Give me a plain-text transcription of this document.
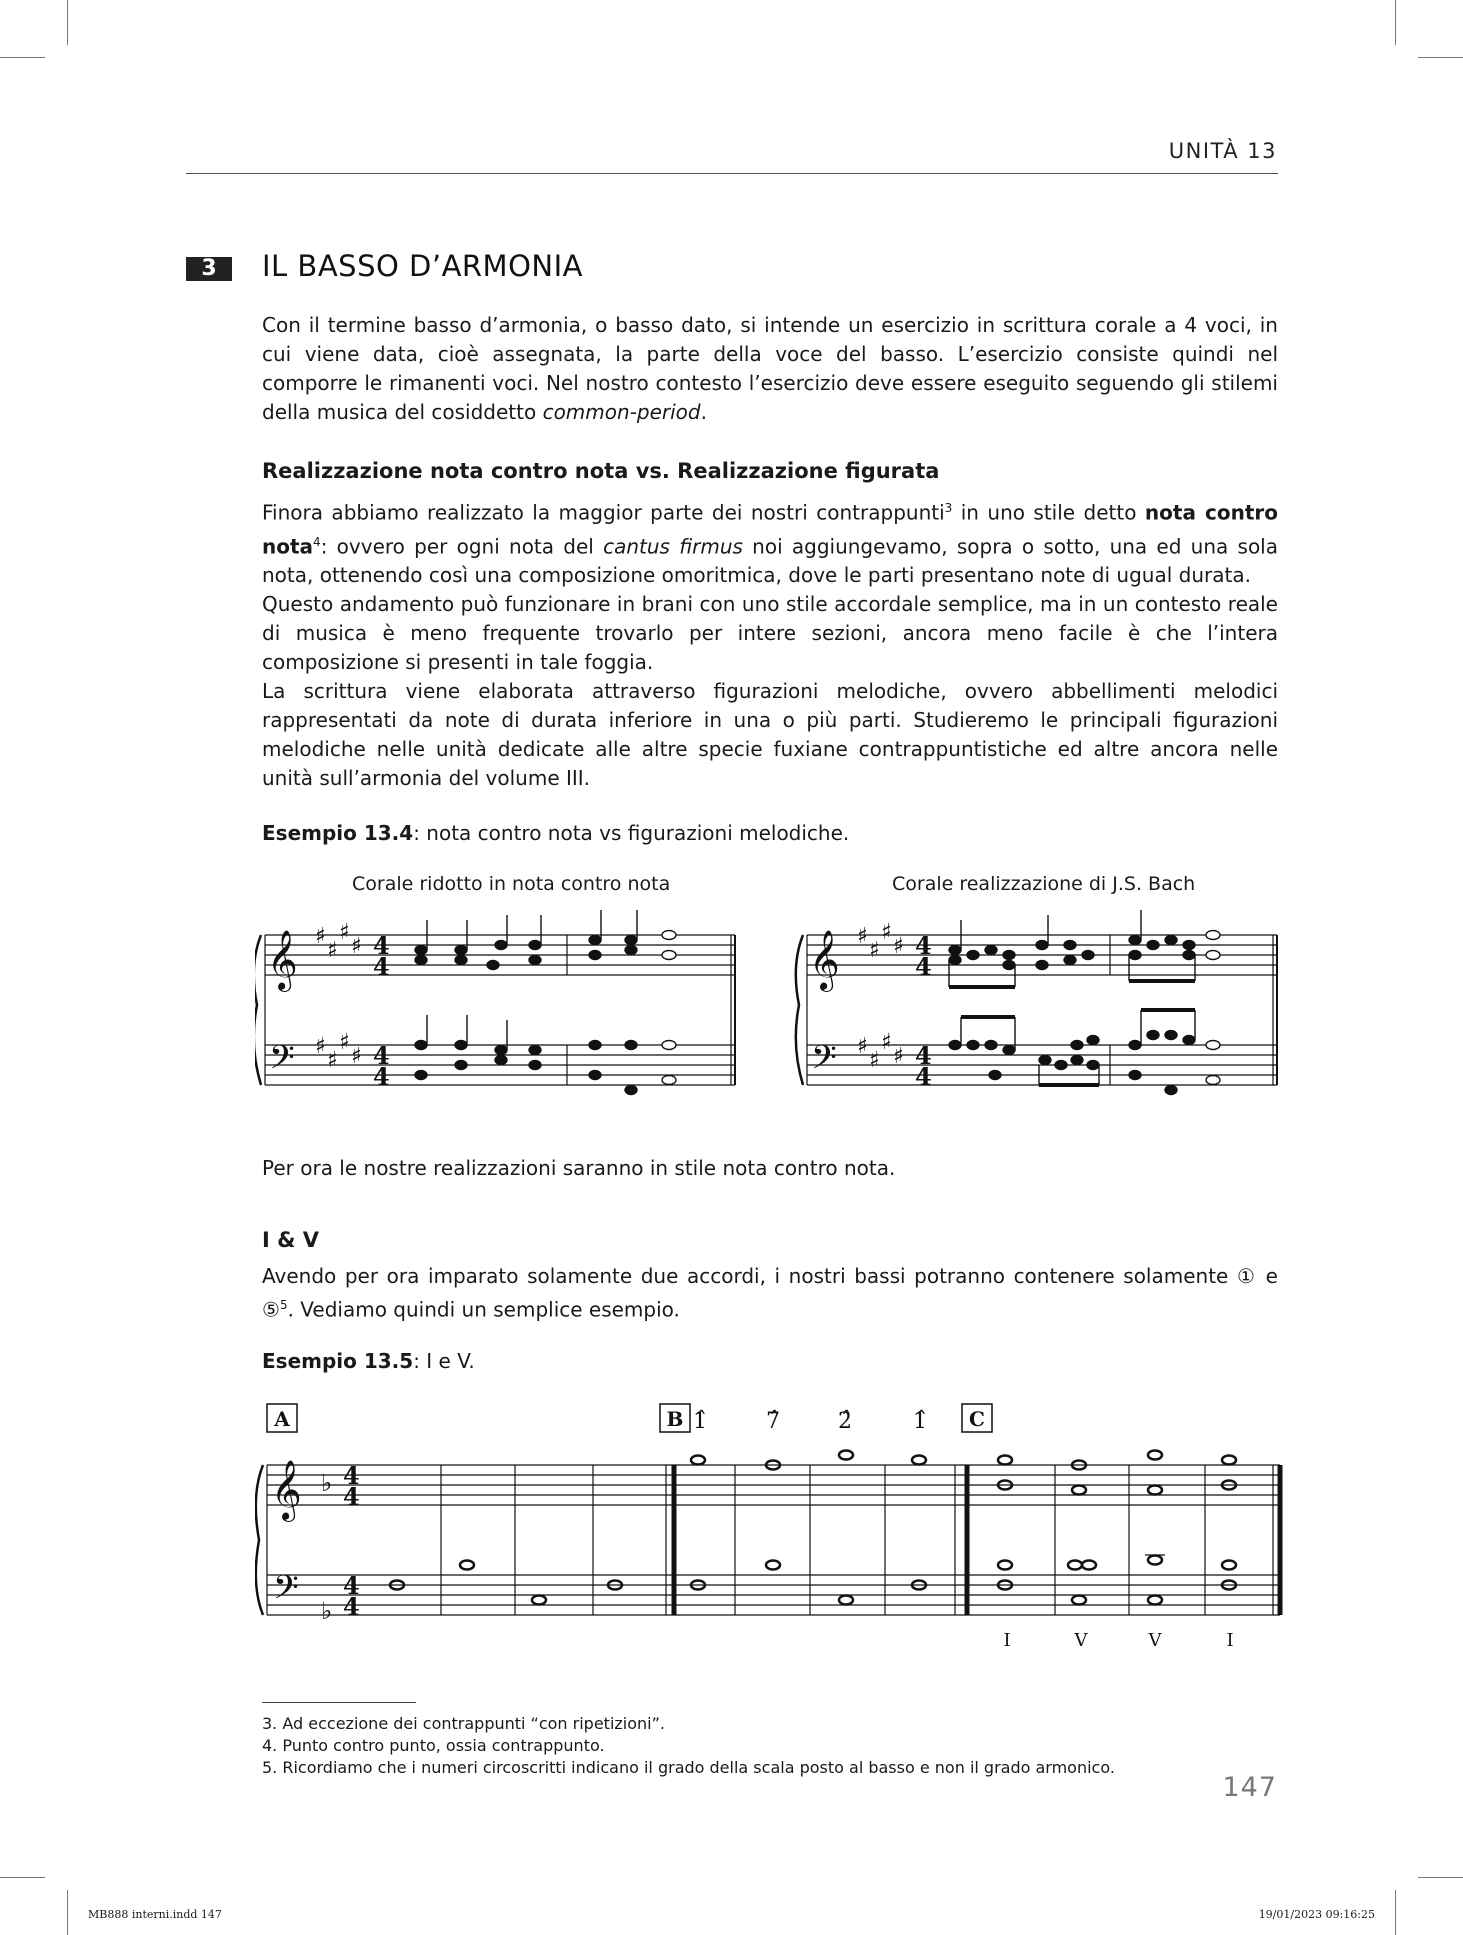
UNITÀ 13
3	IL BASSO D’ARMONIA

Con il termine basso d’armonia, o basso dato, si intende un esercizio in scrittura corale a 4 voci, in cui viene data, cioè assegnata, la parte della voce del basso. L’esercizio consiste quindi nel comporre le rimanenti voci. Nel nostro contesto l’esercizio deve essere eseguito seguendo gli stilemi della musica del cosiddetto common-period.

Realizzazione nota contro nota vs. Realizzazione figurata

Finora abbiamo realizzato la maggior parte dei nostri contrappunti$^3$ in uno stile detto nota contro nota$^4$: ovvero per ogni nota del cantus firmus noi aggiungevamo, sopra o sotto, una ed una sola nota, ottenendo così una composizione omoritmica, dove le parti presentano note di ugual durata.

Questo andamento può funzionare in brani con uno stile accordale semplice, ma in un contesto reale di musica è meno frequente trovarlo per intere sezioni, ancora meno facile è che l’intera composizione si presenti in tale foggia.

La scrittura viene elaborata attraverso figurazioni melodiche, ovvero abbellimenti melodici rappresentati da note di durata inferiore in una o più parti. Studieremo le principali figurazioni melodiche nelle unità dedicate alle altre specie fuxiane contrappuntistiche ed altre ancora nelle unità sull’armonia del volume III.

Esempio 13.4: nota contro nota vs figurazioni melodiche.
Corale ridotto in nota contro nota	Corale realizzazione di J.S. Bach
𝄞
𝄢
𝄞
𝄢
♯
♯
♯
♯
♯
♯
♯
♯
♯
♯
♯
♯
♯
♯
♯
♯
4
4
4
4
4
4
4
4
Per ora le nostre realizzazioni saranno in stile nota contro nota.
I & V

Avendo per ora imparato solamente due accordi, i nostri bassi potranno contenere solamente ① e ⑤$^5$. Vediamo quindi un semplice esempio.

Esempio 13.5: I e V.
𝄞
𝄢
♭
♭
4
4
4
4
A	B	C
1̂	7̂	2̂	1̂
I	V	V	I
3. Ad eccezione dei contrappunti “con ripetizioni”.
4. Punto contro punto, ossia contrappunto.
5. Ricordiamo che i numeri circoscritti indicano il grado della scala posto al basso e non il grado armonico.
147
MB888 interni.indd 147	19/01/2023 09:16:25
